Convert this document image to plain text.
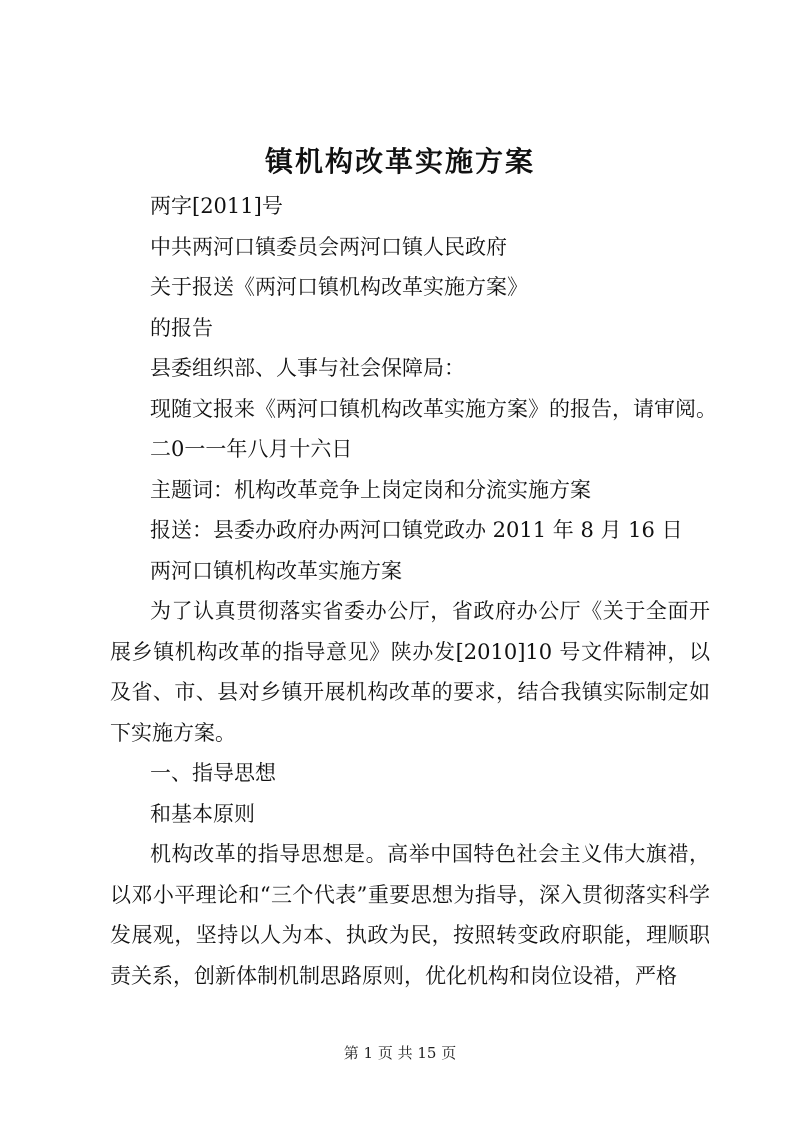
镇机构改革实施方案
两字[2011]号
中共两河口镇委员会两河口镇人民政府
关于报送《两河口镇机构改革实施方案》
的报告
县委组织部、人事与社会保障局：
现随文报来《两河口镇机构改革实施方案》的报告，请审阅。
二0一一年八月十六日
主题词：机构改革竞争上岗定岗和分流实施方案
报送：县委办政府办两河口镇党政办 2011 年 8 月 16 日
两河口镇机构改革实施方案
为了认真贯彻落实省委办公厅，省政府办公厅《关于全面开展乡镇机构改革的指导意见》陕办发[2010]10 号文件精神，以及省、市、县对乡镇开展机构改革的要求，结合我镇实际制定如下实施方案。
一、指导思想
和基本原则
机构改革的指导思想是。高举中国特色社会主义伟大旗䄍，以邓小平理论和“三个代表”重要思想为指导，深入贯彻落实科学发展观，坚持以人为本、执政为民，按照转变政府职能，理顺职责关系，创新体制机制思路原则，优化机构和岗位设䄍，严格
第 1 页 共 15 页
